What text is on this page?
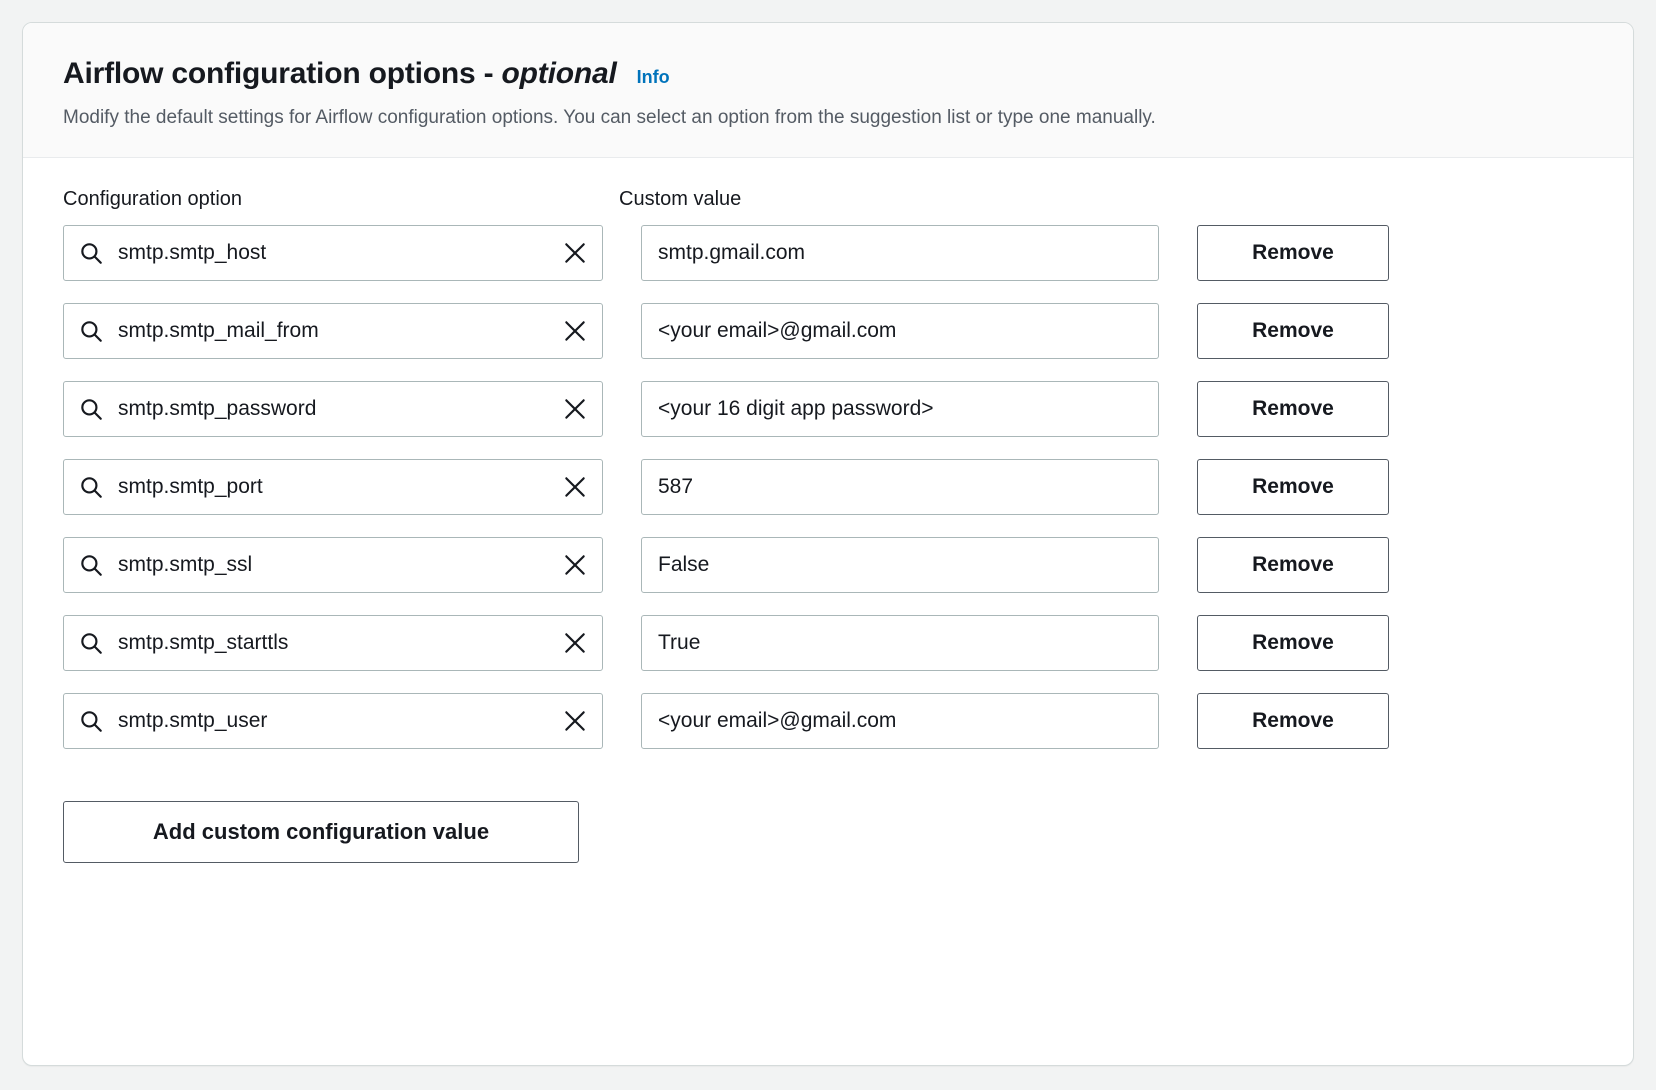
Airflow configuration options - optional Info
Modify the default settings for Airflow configuration options. You can select an option from the suggestion list or type one manually.
Configuration option	Custom value
smtp.smtp_host	smtp.gmail.com	Remove
smtp.smtp_mail_from	<your email>@gmail.com	Remove
smtp.smtp_password	<your 16 digit app password>	Remove
smtp.smtp_port	587	Remove
smtp.smtp_ssl	False	Remove
smtp.smtp_starttls	True	Remove
smtp.smtp_user	<your email>@gmail.com	Remove
Add custom configuration value
